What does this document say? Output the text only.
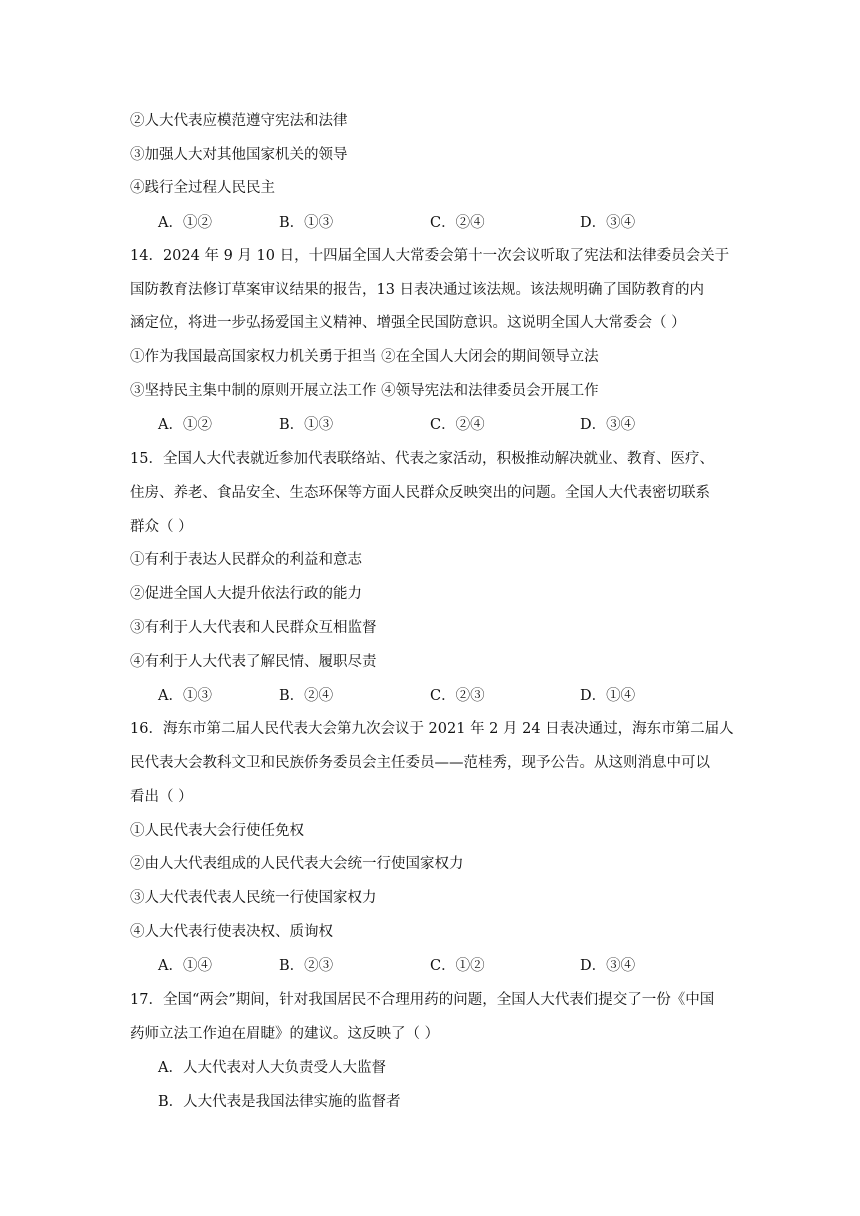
②人大代表应模范遵守宪法和法律
③加强人大对其他国家机关的领导
④践行全过程人民民主
A．①②	B．①③	C．②④	D．③④
14．2024 年 9 月 10 日，十四届全国人大常委会第十一次会议听取了宪法和法律委员会关于
国防教育法修订草案审议结果的报告，13 日表决通过该法规。该法规明确了国防教育的内
涵定位，将进一步弘扬爱国主义精神、增强全民国防意识。这说明全国人大常委会（ ）
①作为我国最高国家权力机关勇于担当 ②在全国人大闭会的期间领导立法
③坚持民主集中制的原则开展立法工作 ④领导宪法和法律委员会开展工作
A．①②	B．①③	C．②④	D．③④
15．全国人大代表就近参加代表联络站、代表之家活动，积极推动解决就业、教育、医疗、
住房、养老、食品安全、生态环保等方面人民群众反映突出的问题。全国人大代表密切联系
群众（ ）
①有利于表达人民群众的利益和意志
②促进全国人大提升依法行政的能力
③有利于人大代表和人民群众互相监督
④有利于人大代表了解民情、履职尽责
A．①③	B．②④	C．②③	D．①④
16．海东市第二届人民代表大会第九次会议于 2021 年 2 月 24 日表决通过，海东市第二届人
民代表大会教科文卫和民族侨务委员会主任委员——范桂秀，现予公告。从这则消息中可以
看出（ ）
①人民代表大会行使任免权
②由人大代表组成的人民代表大会统一行使国家权力
③人大代表代表人民统一行使国家权力
④人大代表行使表决权、质询权
A．①④	B．②③	C．①②	D．③④
17．全国“两会”期间，针对我国居民不合理用药的问题，全国人大代表们提交了一份《中国
药师立法工作迫在眉睫》的建议。这反映了（ ）
A．人大代表对人大负责受人大监督
B．人大代表是我国法律实施的监督者
